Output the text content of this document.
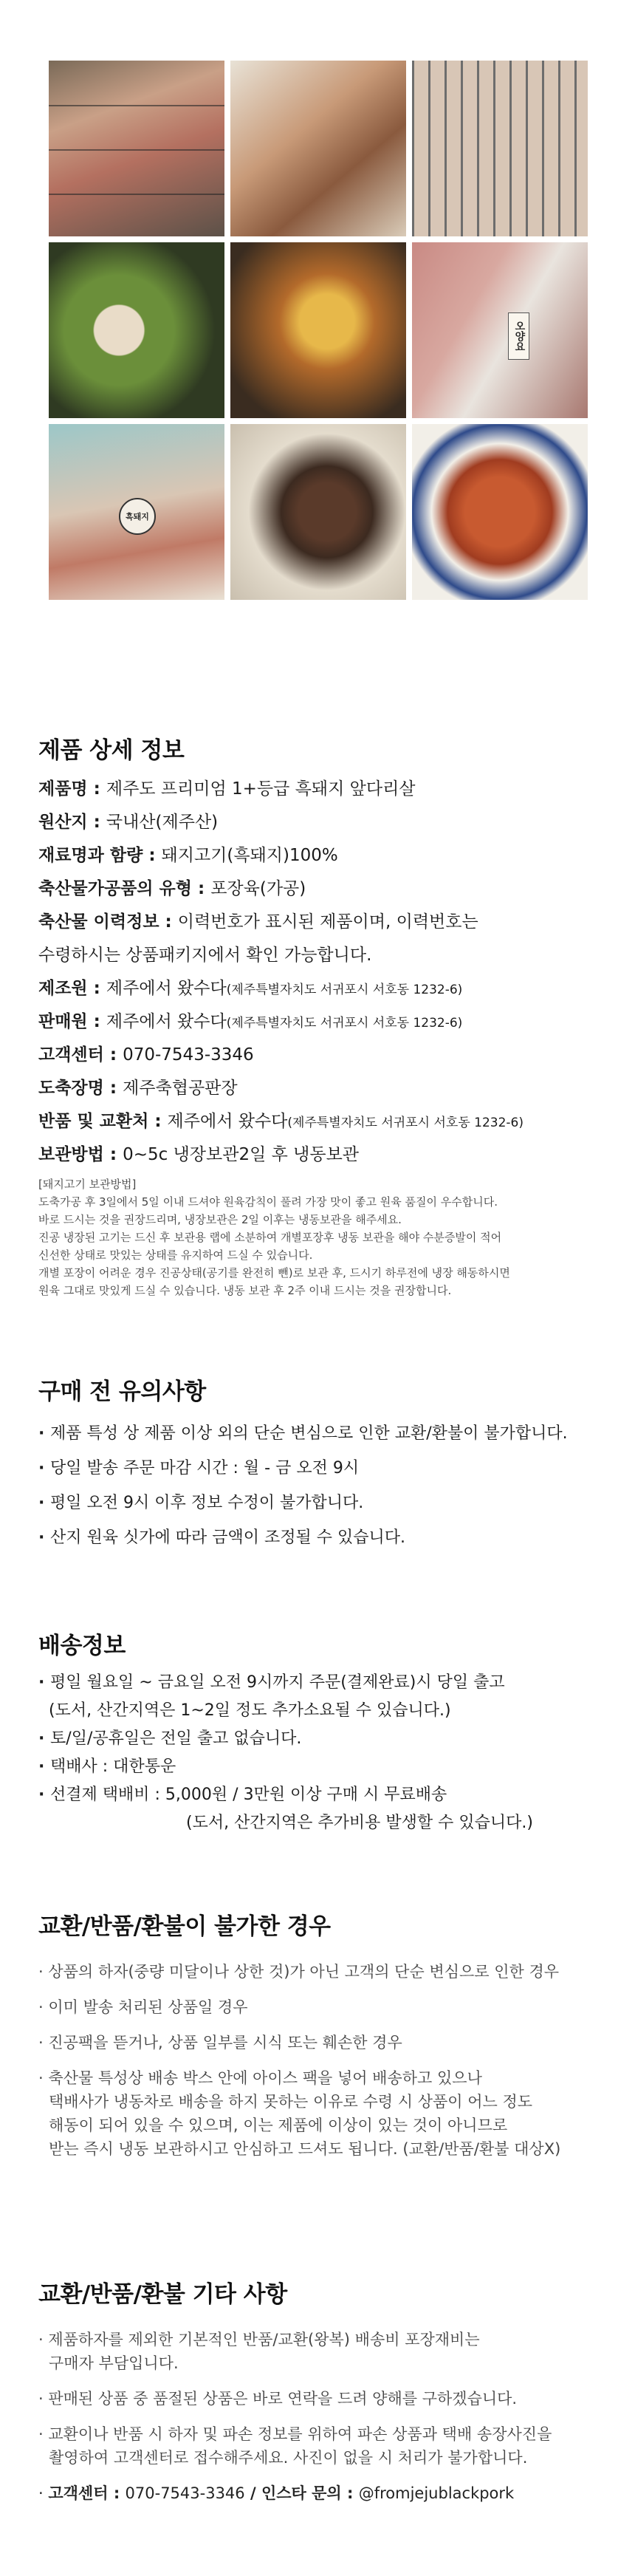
오양요
흑돼지
제품 상세 정보

제품명 : 제주도 프리미엄 1+등급 흑돼지 앞다리살

원산지 : 국내산(제주산)

재료명과 함량 : 돼지고기(흑돼지)100%

축산물가공품의 유형 : 포장육(가공)

축산물 이력정보 : 이력번호가 표시된 제품이며, 이력번호는

수령하시는 상품패키지에서 확인 가능합니다.

제조원 : 제주에서 왔수다(제주특별자치도 서귀포시 서호동 1232-6)

판매원 : 제주에서 왔수다(제주특별자치도 서귀포시 서호동 1232-6)

고객센터 : 070-7543-3346

도축장명 : 제주축협공판장

반품 및 교환처 : 제주에서 왔수다(제주특별자치도 서귀포시 서호동 1232-6)

보관방법 : 0~5c 냉장보관2일 후 냉동보관

[돼지고기 보관방법]

도축가공 후 3일에서 5일 이내 드셔야 원육감칙이 풀려 가장 맛이 좋고 원육 품질이 우수합니다.

바로 드시는 것을 권장드리며, 냉장보관은 2일 이후는 냉동보관을 해주세요.

진공 냉장된 고기는 드신 후 보관용 랩에 소분하여 개별포장후 냉동 보관을 해야 수분증발이 적어

신선한 상태로 맛있는 상태를 유지하여 드실 수 있습니다.

개별 포장이 어려운 경우 진공상태(공기를 완전히 뺀)로 보관 후, 드시기 하루전에 냉장 해동하시면

원육 그대로 맛있게 드실 수 있습니다. 냉동 보관 후 2주 이내 드시는 것을 권장합니다.

구매 전 유의사항

· 제품 특성 상 제품 이상 외의 단순 변심으로 인한 교환/환불이 불가합니다.

· 당일 발송 주문 마감 시간 : 월 - 금 오전 9시

· 평일 오전 9시 이후 정보 수정이 불가합니다.

· 산지 원육 싯가에 따라 금액이 조정될 수 있습니다.

배송정보

· 평일 월요일 ~ 금요일 오전 9시까지 주문(결제완료)시 당일 출고

(도서, 산간지역은 1~2일 정도 추가소요될 수 있습니다.)

· 토/일/공휴일은 전일 출고 없습니다.

· 택배사 : 대한통운

· 선결제 택배비 : 5,000원 / 3만원 이상 구매 시 무료배송

(도서, 산간지역은 추가비용 발생할 수 있습니다.)

교환/반품/환불이 불가한 경우

· 상품의 하자(중량 미달이나 상한 것)가 아닌 고객의 단순 변심으로 인한 경우

· 이미 발송 처리된 상품일 경우

· 진공팩을 뜯거나, 상품 일부를 시식 또는 훼손한 경우

· 축산물 특성상 배송 박스 안에 아이스 팩을 넣어 배송하고 있으나
택배사가 냉동차로 배송을 하지 못하는 이유로 수령 시 상품이 어느 정도
해동이 되어 있을 수 있으며, 이는 제품에 이상이 있는 것이 아니므로
받는 즉시 냉동 보관하시고 안심하고 드셔도 됩니다. (교환/반품/환불 대상X)

교환/반품/환불 기타 사항

· 제품하자를 제외한 기본적인 반품/교환(왕복) 배송비 포장재비는
구매자 부담입니다.

· 판매된 상품 중 품절된 상품은 바로 연락을 드려 양해를 구하겠습니다.

· 교환이나 반품 시 하자 및 파손 정보를 위하여 파손 상품과 택배 송장사진을
촬영하여 고객센터로 접수해주세요. 사진이 없을 시 처리가 불가합니다.

· 고객센터 : 070-7543-3346 / 인스타 문의 : @fromjejublackpork
